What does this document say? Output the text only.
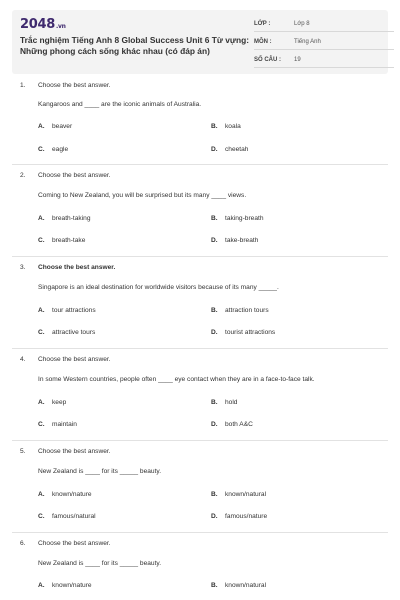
2048.vn
Trắc nghiệm Tiếng Anh 8 Global Success Unit 6 Từ vựng: Những phong cách sống khác nhau (có đáp án)
LỚP :	Lớp 8
MÔN :	Tiếng Anh
SỐ CÂU : 19
1. Choose the best answer.
Kangaroos and ____ are the iconic animals of Australia.
A. beaver	B. koala
C. eagle	D. cheetah
2. Choose the best answer.
Coming to New Zealand, you will be surprised but its many ____ views.
A. breath-taking	B. taking-breath
C. breath-take	D. take-breath
3. Choose the best answer.
Singapore is an ideal destination for worldwide visitors because of its many _____.
A. tour attractions	B. attraction tours
C. attractive tours	D. tourist attractions
4. Choose the best answer.
In some Western countries, people often ____ eye contact when they are in a face-to-face talk.
A. keep	B. hold
C. maintain	D. both A&C
5. Choose the best answer.
New Zealand is ____ for its _____ beauty.
A. known/nature	B. known/natural
C. famous/natural	D. famous/nature
6. Choose the best answer.
New Zealand is ____ for its _____ beauty.
A. known/nature	B. known/natural
